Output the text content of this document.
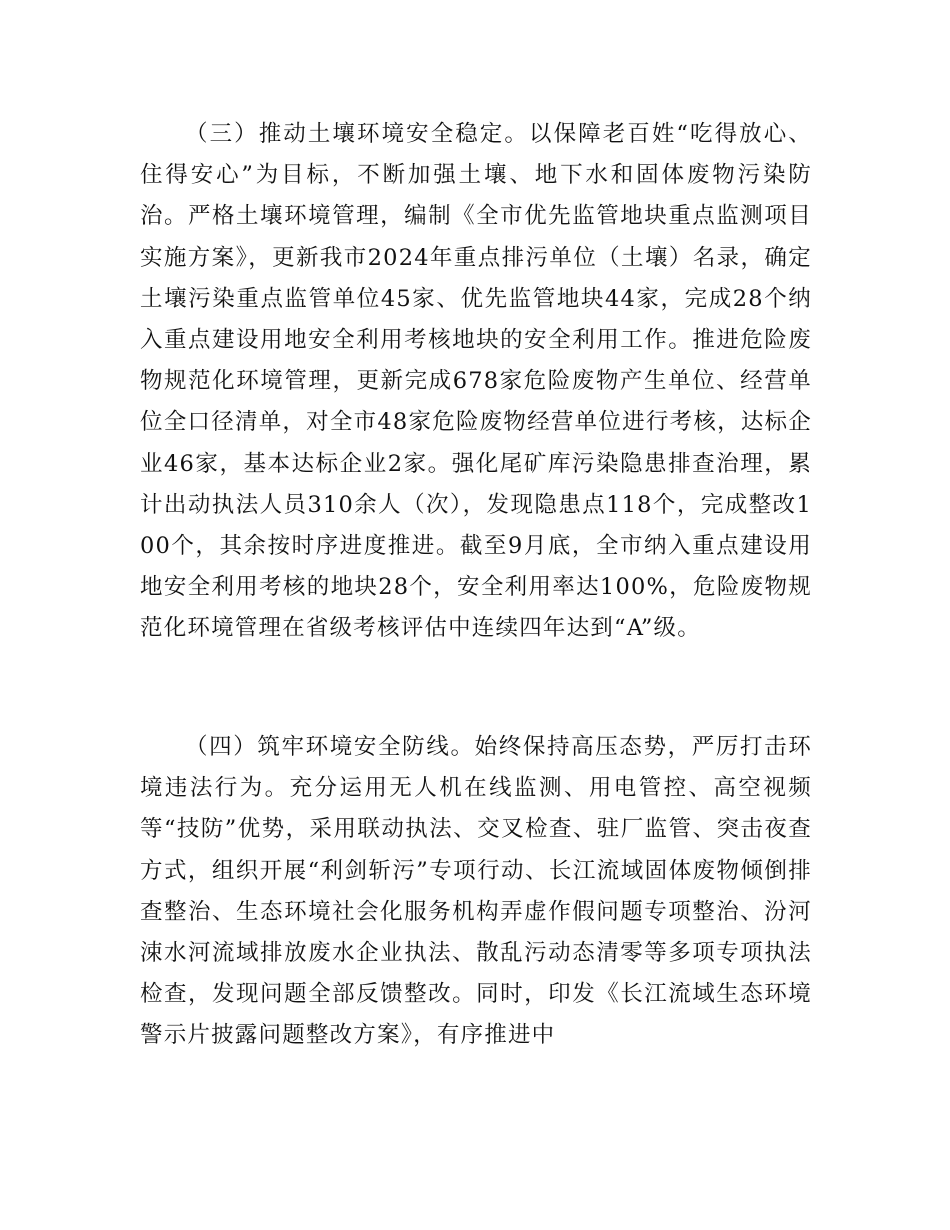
（三）推动土壤环境安全稳定。以保障老百姓“吃得放心、住得安心”为目标，不断加强土壤、地下水和固体废物污染防治。严格土壤环境管理，编制《全市优先监管地块重点监测项目实施方案》，更新我市2024年重点排污单位（土壤）名录，确定土壤污染重点监管单位45家、优先监管地块44家，完成28个纳入重点建设用地安全利用考核地块的安全利用工作。推进危险废物规范化环境管理，更新完成678家危险废物产生单位、经营单位全口径清单，对全市48家危险废物经营单位进行考核，达标企业46家，基本达标企业2家。强化尾矿库污染隐患排查治理，累计出动执法人员310余人（次），发现隐患点118个，完成整改100个，其余按时序进度推进。截至9月底，全市纳入重点建设用地安全利用考核的地块28个，安全利用率达100%，危险废物规范化环境管理在省级考核评估中连续四年达到“A”级。

（四）筑牢环境安全防线。始终保持高压态势，严厉打击环境违法行为。充分运用无人机在线监测、用电管控、高空视频等“技防”优势，采用联动执法、交叉检查、驻厂监管、突击夜查方式，组织开展“利剑斩污”专项行动、长江流域固体废物倾倒排查整治、生态环境社会化服务机构弄虚作假问题专项整治、汾河涑水河流域排放废水企业执法、散乱污动态清零等多项专项执法检查，发现问题全部反馈整改。同时，印发《长江流域生态环境警示片披露问题整改方案》，有序推进中
